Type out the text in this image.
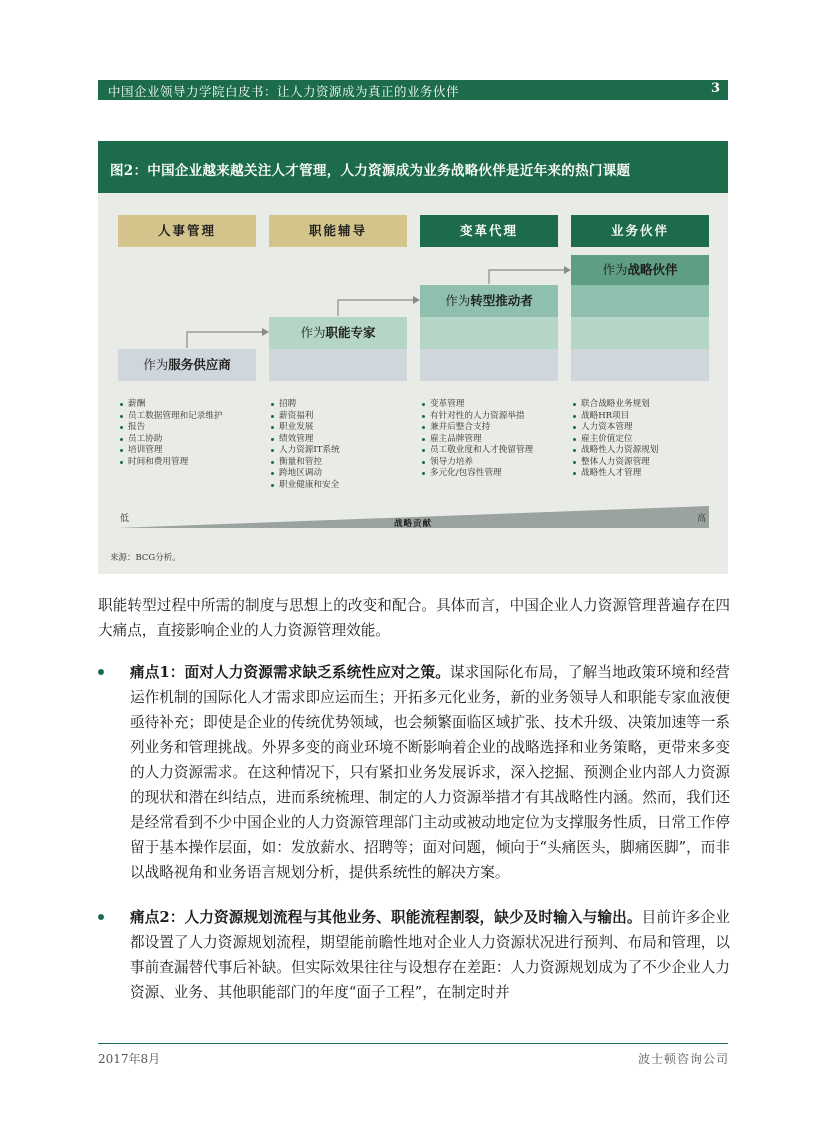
中国企业领导力学院白皮书：让人力资源成为真正的业务伙伴	3
图2：中国企业越来越关注人才管理，人力资源成为业务战略伙伴是近年来的热门课题
人事管理	职能辅导	变革代理	业务伙伴
作为服务供应商
作为职能专家
作为转型推动者
作为战略伙伴
薪酬
员工数据管理和记录维护
报告
员工协助
培训管理
时间和费用管理
招聘
薪资福利
职业发展
绩效管理
人力资源IT系统
衡量和管控
跨地区调动
职业健康和安全
变革管理
有针对性的人力资源举措
兼并后整合支持
雇主品牌管理
员工敬业度和人才挽留管理
领导力培养
多元化/包容性管理
联合战略业务规划
战略HR项目
人力资本管理
雇主价值定位
战略性人力资源规划
整体人力资源管理
战略性人才管理
低	高
战略贡献
来源：BCG分析。

职能转型过程中所需的制度与思想上的改变和配合。具体而言，中国企业人力资源管理普遍存在四大痛点，直接影响企业的人力资源管理效能。

痛点1：面对人力资源需求缺乏系统性应对之策。谋求国际化布局，了解当地政策环境和经营运作机制的国际化人才需求即应运而生；开拓多元化业务，新的业务领导人和职能专家血液便亟待补充；即使是企业的传统优势领域，也会频繁面临区域扩张、技术升级、决策加速等一系列业务和管理挑战。外界多变的商业环境不断影响着企业的战略选择和业务策略，更带来多变的人力资源需求。在这种情况下，只有紧扣业务发展诉求，深入挖掘、预测企业内部人力资源的现状和潜在纠结点，进而系统梳理、制定的人力资源举措才有其战略性内涵。然而，我们还是经常看到不少中国企业的人力资源管理部门主动或被动地定位为支撑服务性质，日常工作停留于基本操作层面，如：发放薪水、招聘等；面对问题，倾向于“头痛医头，脚痛医脚”，而非以战略视角和业务语言规划分析，提供系统性的解决方案。

痛点2：人力资源规划流程与其他业务、职能流程割裂，缺少及时输入与输出。目前许多企业都设置了人力资源规划流程，期望能前瞻性地对企业人力资源状况进行预判、布局和管理，以事前查漏替代事后补缺。但实际效果往往与设想存在差距：人力资源规划成为了不少企业人力资源、业务、其他职能部门的年度“面子工程”，在制定时并

2017年8月	波士顿咨询公司
